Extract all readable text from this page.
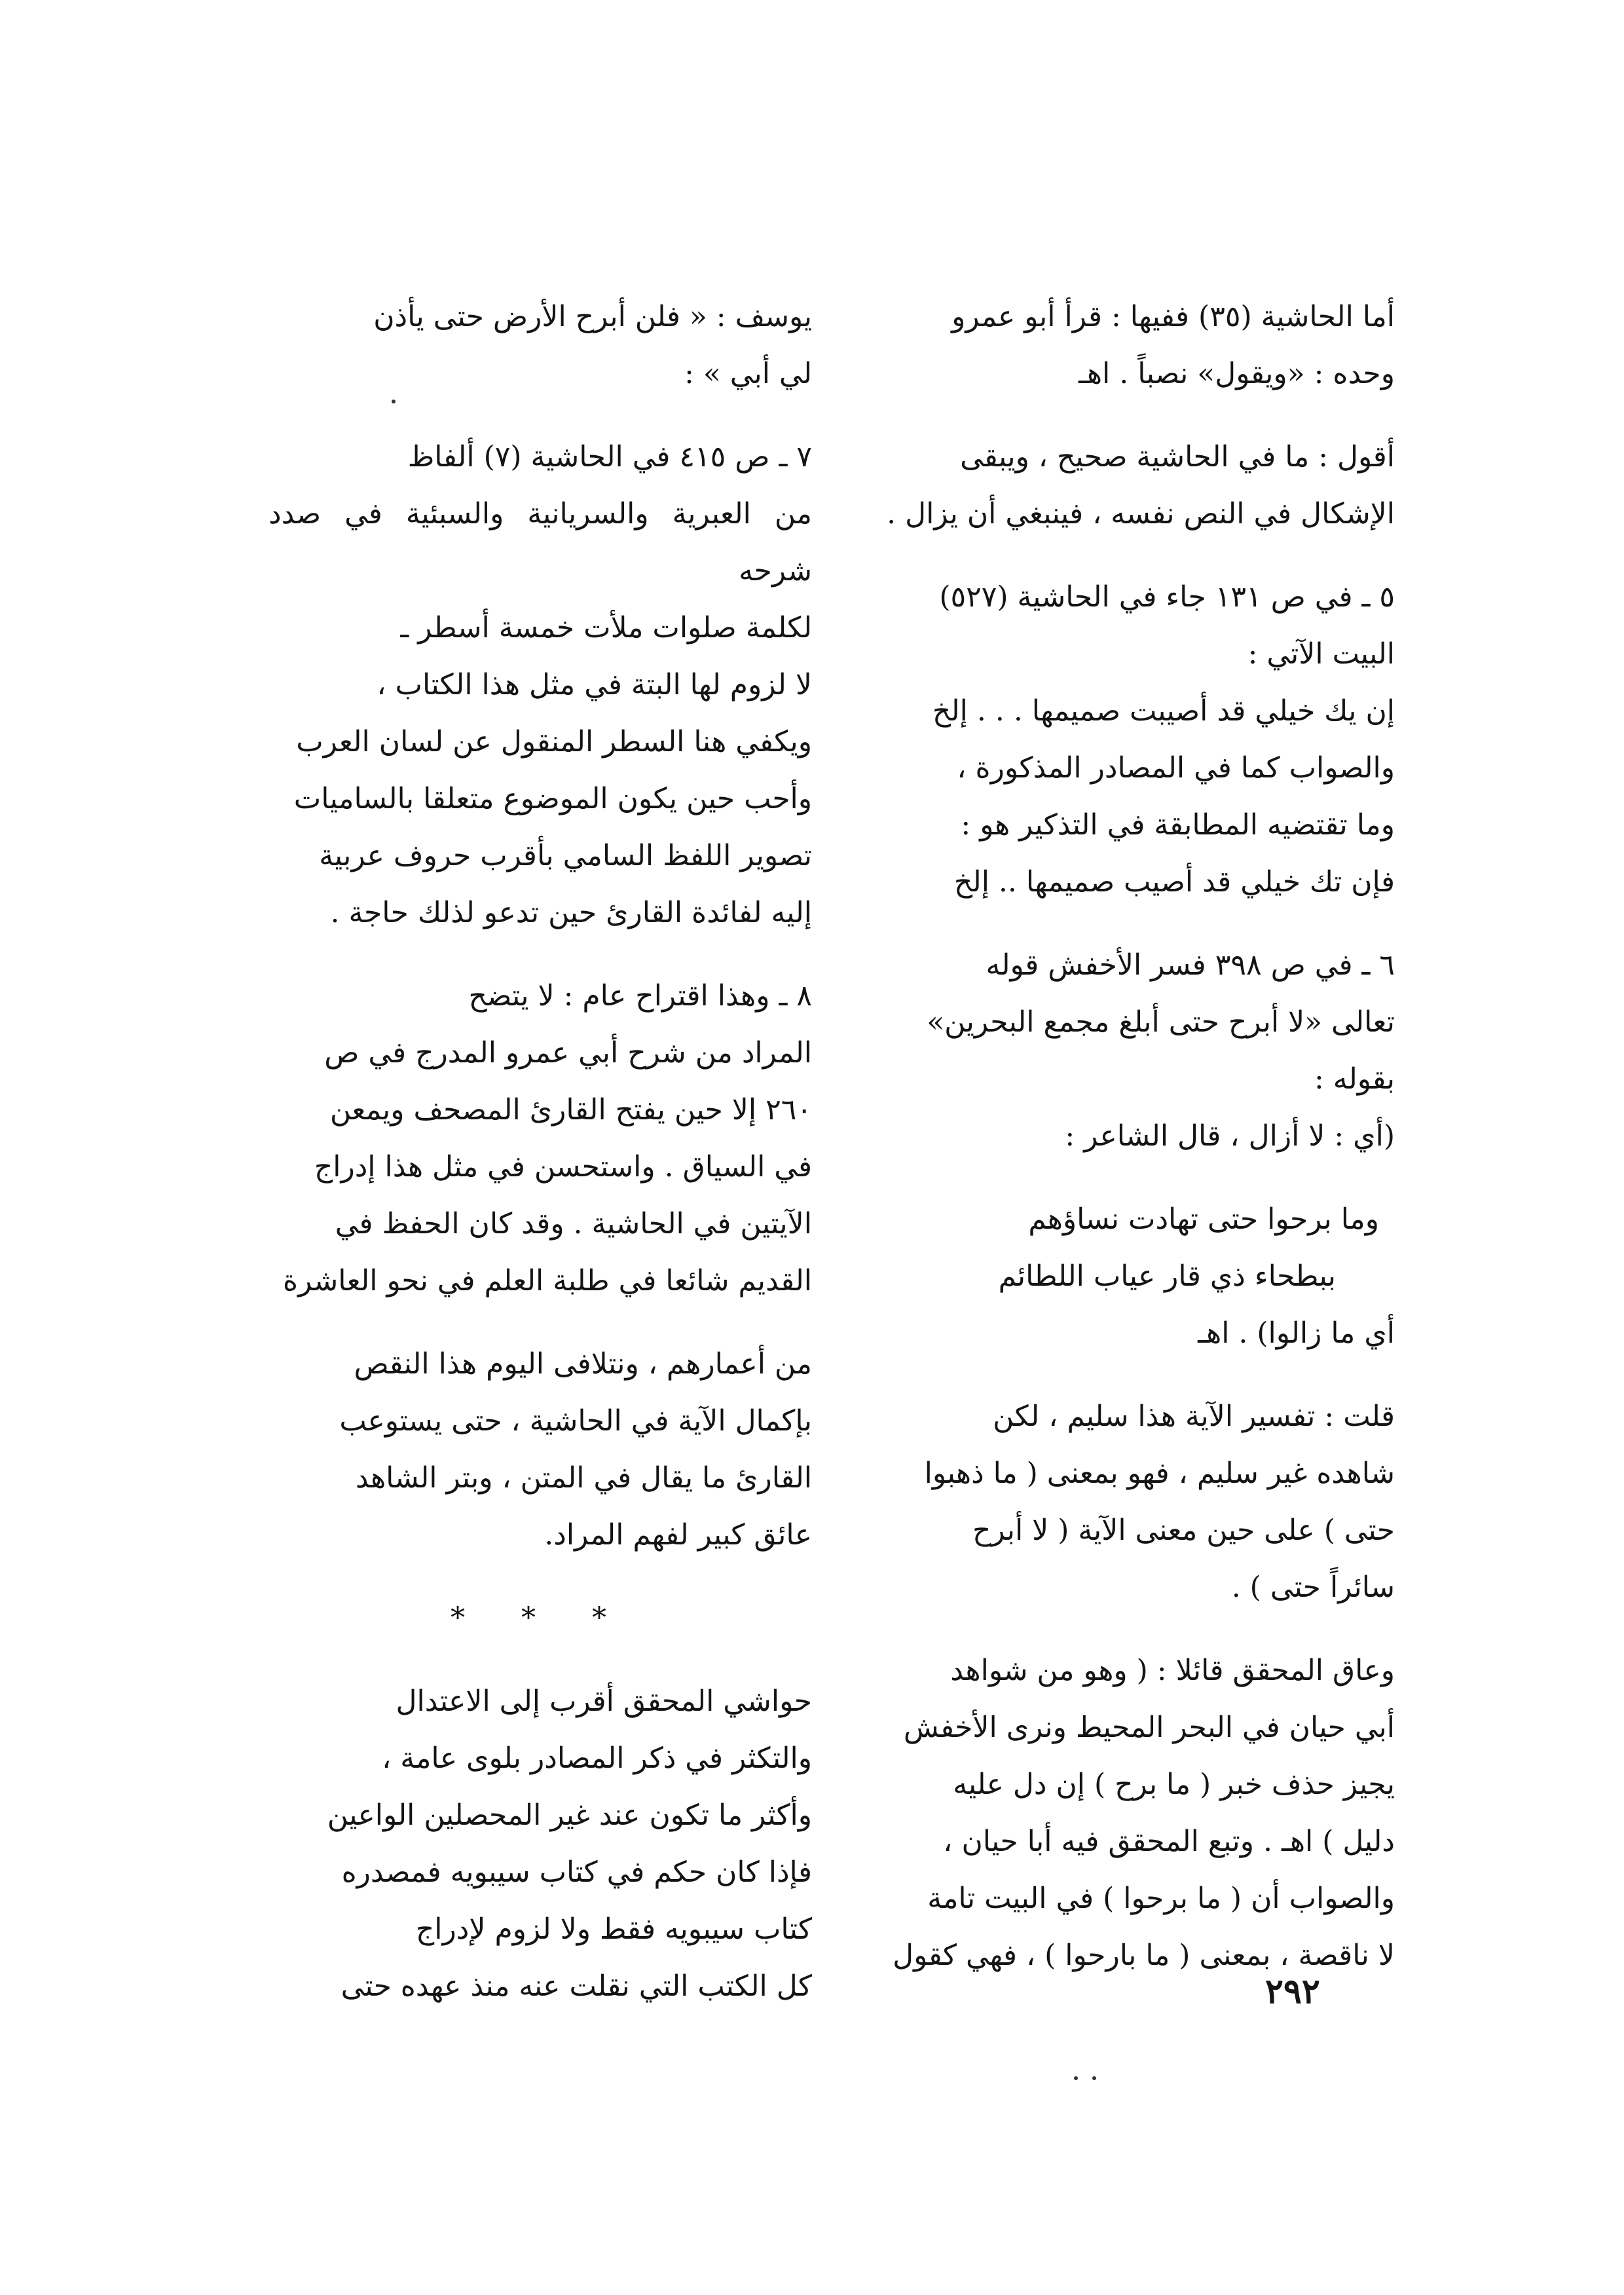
أما الحاشية (٣٥) ففيها : قرأ أبو عمرو
وحده : «ويقول» نصباً . اهـ
أقول : ما في الحاشية صحيح ، ويبقى
الإشكال في النص نفسه ، فينبغي أن يزال .
٥ ـ في ص ١٣١ جاء في الحاشية (٥٢٧)
البيت الآتي :
إن يك خيلي قد أصيبت صميمها . . . إلخ
والصواب كما في المصادر المذكورة ،
وما تقتضيه المطابقة في التذكير هو :
فإن تك خيلي قد أصيب صميمها .. إلخ
٦ ـ في ص ٣٩٨ فسر الأخفش قوله
تعالى «لا أبرح حتى أبلغ مجمع البحرين»
بقوله :
(أي : لا أزال ، قال الشاعر :
وما برحوا حتى تهادت نساؤهم
ببطحاء ذي قار عياب اللطائم
أي ما زالوا) . اهـ
قلت : تفسير الآية هذا سليم ، لكن
شاهده غير سليم ، فهو بمعنى ( ما ذهبوا
حتى ) على حين معنى الآية ( لا أبرح
سائراً حتى ) .
وعاق المحقق قائلا : ( وهو من شواهد
أبي حيان في البحر المحيط ونرى الأخفش
يجيز حذف خبر ( ما برح ) إن دل عليه
دليل ) اهـ . وتبع المحقق فيه أبا حيان ،
والصواب أن ( ما برحوا ) في البيت تامة
لا ناقصة ، بمعنى ( ما بارحوا ) ، فهي كقول
يوسف : « فلن أبرح الأرض حتى يأذن
لي أبي » :
٧ ـ ص ٤١٥ في الحاشية (٧) ألفاظ
من العبرية والسريانية والسبئية في صدد شرحه
لكلمة صلوات ملأت خمسة أسطر ـ
لا لزوم لها البتة في مثل هذا الكتاب ،
ويكفي هنا السطر المنقول عن لسان العرب
وأحب حين يكون الموضوع متعلقا بالساميات
تصوير اللفظ السامي بأقرب حروف عربية
إليه لفائدة القارئ حين تدعو لذلك حاجة .
٨ ـ وهذا اقتراح عام : لا يتضح
المراد من شرح أبي عمرو المدرج في ص
٢٦٠ إلا حين يفتح القارئ المصحف ويمعن
في السياق . واستحسن في مثل هذا إدراج
الآيتين في الحاشية . وقد كان الحفظ في
القديم شائعا في طلبة العلم في نحو العاشرة
من أعمارهم ، ونتلافى اليوم هذا النقص
بإكمال الآية في الحاشية ، حتى يستوعب
القارئ ما يقال في المتن ، وبتر الشاهد
عائق كبير لفهم المراد.
* * *
حواشي المحقق أقرب إلى الاعتدال
والتكثر في ذكر المصادر بلوى عامة ،
وأكثر ما تكون عند غير المحصلين الواعين
فإذا كان حكم في كتاب سيبويه فمصدره
كتاب سيبويه فقط ولا لزوم لإدراج
كل الكتب التي نقلت عنه منذ عهده حتى	٢٩٢
